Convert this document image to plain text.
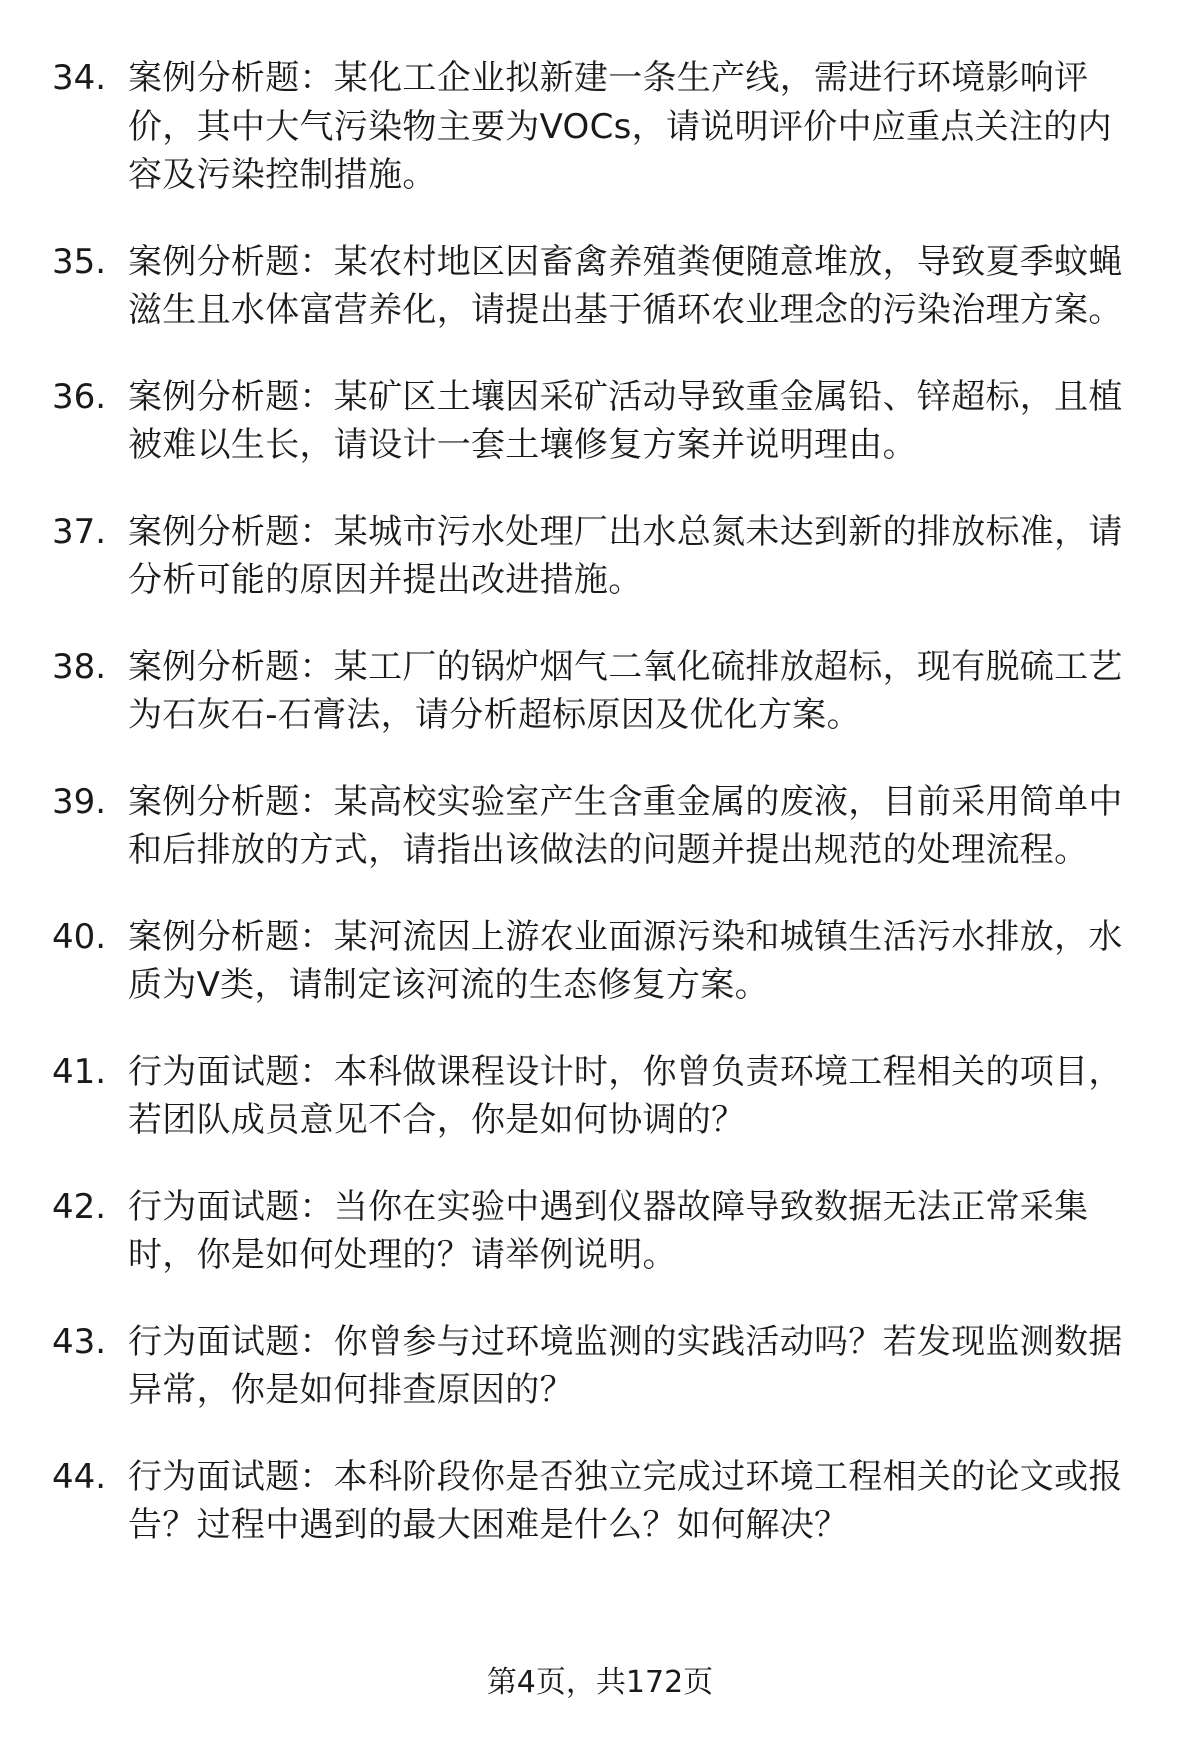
34. 案例分析题：某化工企业拟新建一条生产线，需进行环境影响评价，其中大气污染物主要为VOCs，请说明评价中应重点关注的内容及污染控制措施。
35. 案例分析题：某农村地区因畜禽养殖粪便随意堆放，导致夏季蚊蝇滋生且水体富营养化，请提出基于循环农业理念的污染治理方案。
36. 案例分析题：某矿区土壤因采矿活动导致重金属铅、锌超标，且植被难以生长，请设计一套土壤修复方案并说明理由。
37. 案例分析题：某城市污水处理厂出水总氮未达到新的排放标准，请分析可能的原因并提出改进措施。
38. 案例分析题：某工厂的锅炉烟气二氧化硫排放超标，现有脱硫工艺为石灰石-石膏法，请分析超标原因及优化方案。
39. 案例分析题：某高校实验室产生含重金属的废液，目前采用简单中和后排放的方式，请指出该做法的问题并提出规范的处理流程。
40. 案例分析题：某河流因上游农业面源污染和城镇生活污水排放，水质为V类，请制定该河流的生态修复方案。
41. 行为面试题：本科做课程设计时，你曾负责环境工程相关的项目，若团队成员意见不合，你是如何协调的？
42. 行为面试题：当你在实验中遇到仪器故障导致数据无法正常采集时，你是如何处理的？请举例说明。
43. 行为面试题：你曾参与过环境监测的实践活动吗？若发现监测数据异常，你是如何排查原因的？
44. 行为面试题：本科阶段你是否独立完成过环境工程相关的论文或报告？过程中遇到的最大困难是什么？如何解决？
第4页，共172页
